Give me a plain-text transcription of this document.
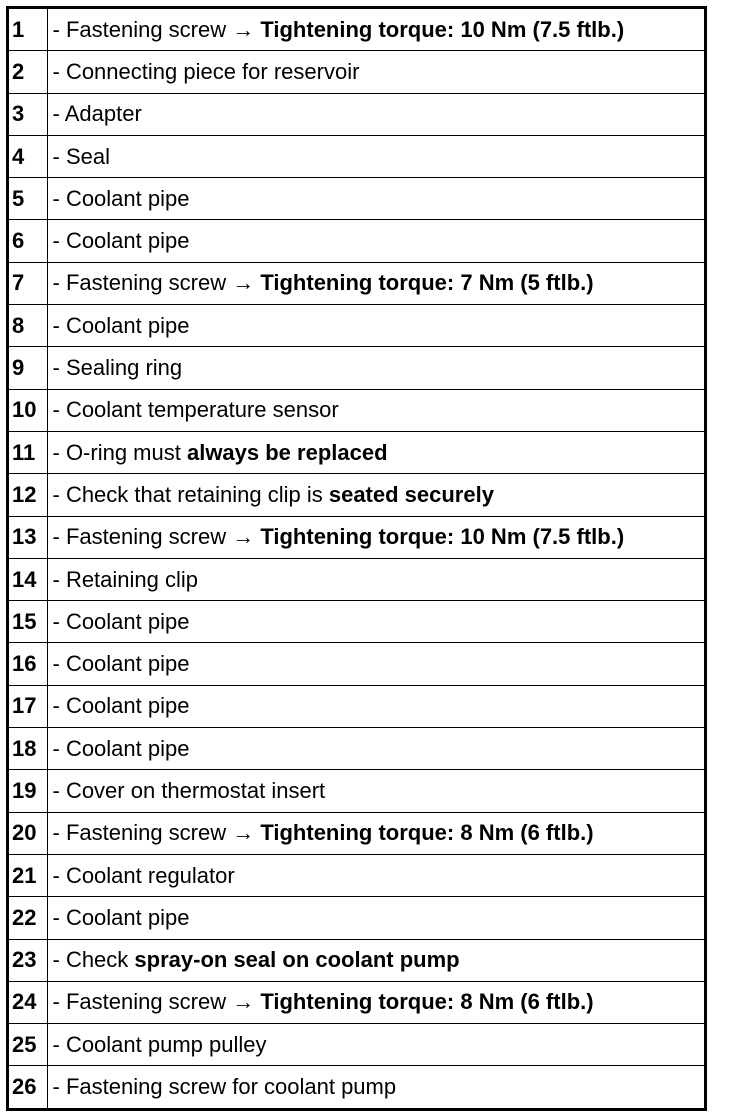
1	- Fastening screw → Tightening torque: 10 Nm (7.5 ftlb.)
2	- Connecting piece for reservoir
3	- Adapter
4	- Seal
5	- Coolant pipe
6	- Coolant pipe
7	- Fastening screw → Tightening torque: 7 Nm (5 ftlb.)
8	- Coolant pipe
9	- Sealing ring
10	- Coolant temperature sensor
11	- O-ring must always be replaced
12	- Check that retaining clip is seated securely
13	- Fastening screw → Tightening torque: 10 Nm (7.5 ftlb.)
14	- Retaining clip
15	- Coolant pipe
16	- Coolant pipe
17	- Coolant pipe
18	- Coolant pipe
19	- Cover on thermostat insert
20	- Fastening screw → Tightening torque: 8 Nm (6 ftlb.)
21	- Coolant regulator
22	- Coolant pipe
23	- Check spray-on seal on coolant pump
24	- Fastening screw → Tightening torque: 8 Nm (6 ftlb.)
25	- Coolant pump pulley
26	- Fastening screw for coolant pump
